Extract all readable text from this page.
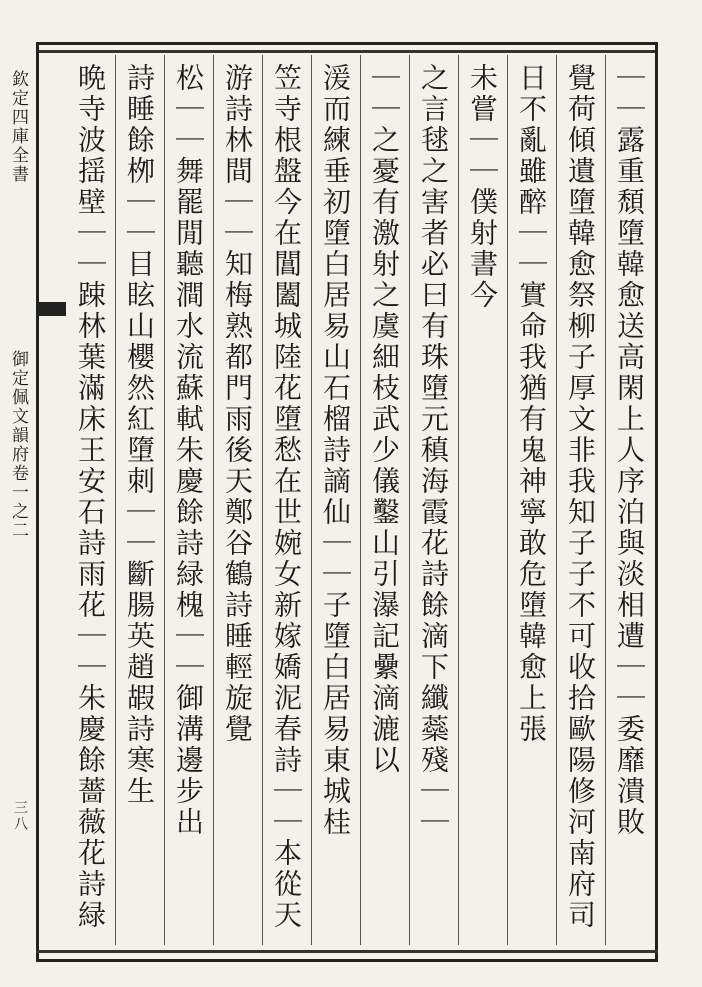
欽定四庫全書
御定佩文韻府卷一之二
三八	｜｜露重頹墮韓愈送高閑上人序泊與淡相遭｜｜委靡潰敗
覺荷傾遺墮韓愈祭柳子厚文非我知子子不可收拾歐陽修河南府司
日不亂雖醉｜｜實命我猶有鬼神寧敢危墮韓愈上張
未嘗｜｜僕射書今
之言毬之害者必曰有珠墮元稹海霞花詩餘滴下纖蘂殘｜｜
｜｜之憂有激射之虞細枝武少儀鑿山引瀑記纍滴漉以
湲而練垂初墮白居易山石榴詩謫仙｜｜子墮白居易東城桂
笠寺根盤今在閶闔城陸花墮愁在世婉女新嫁嬌泥春詩｜｜本從天
游詩林間｜｜知梅熟都門雨後天鄭谷鶴詩睡輕旋覺
松｜｜舞罷閒聽澗水流蘇軾朱慶餘詩緑槐｜｜御溝邊步出
詩睡餘栁｜｜目眩山櫻然紅墮刺｜｜斷腸英趙嘏詩寒生
晩寺波揺壁｜｜踈林葉滿床王安石詩雨花｜｜朱慶餘薔薇花詩緑
